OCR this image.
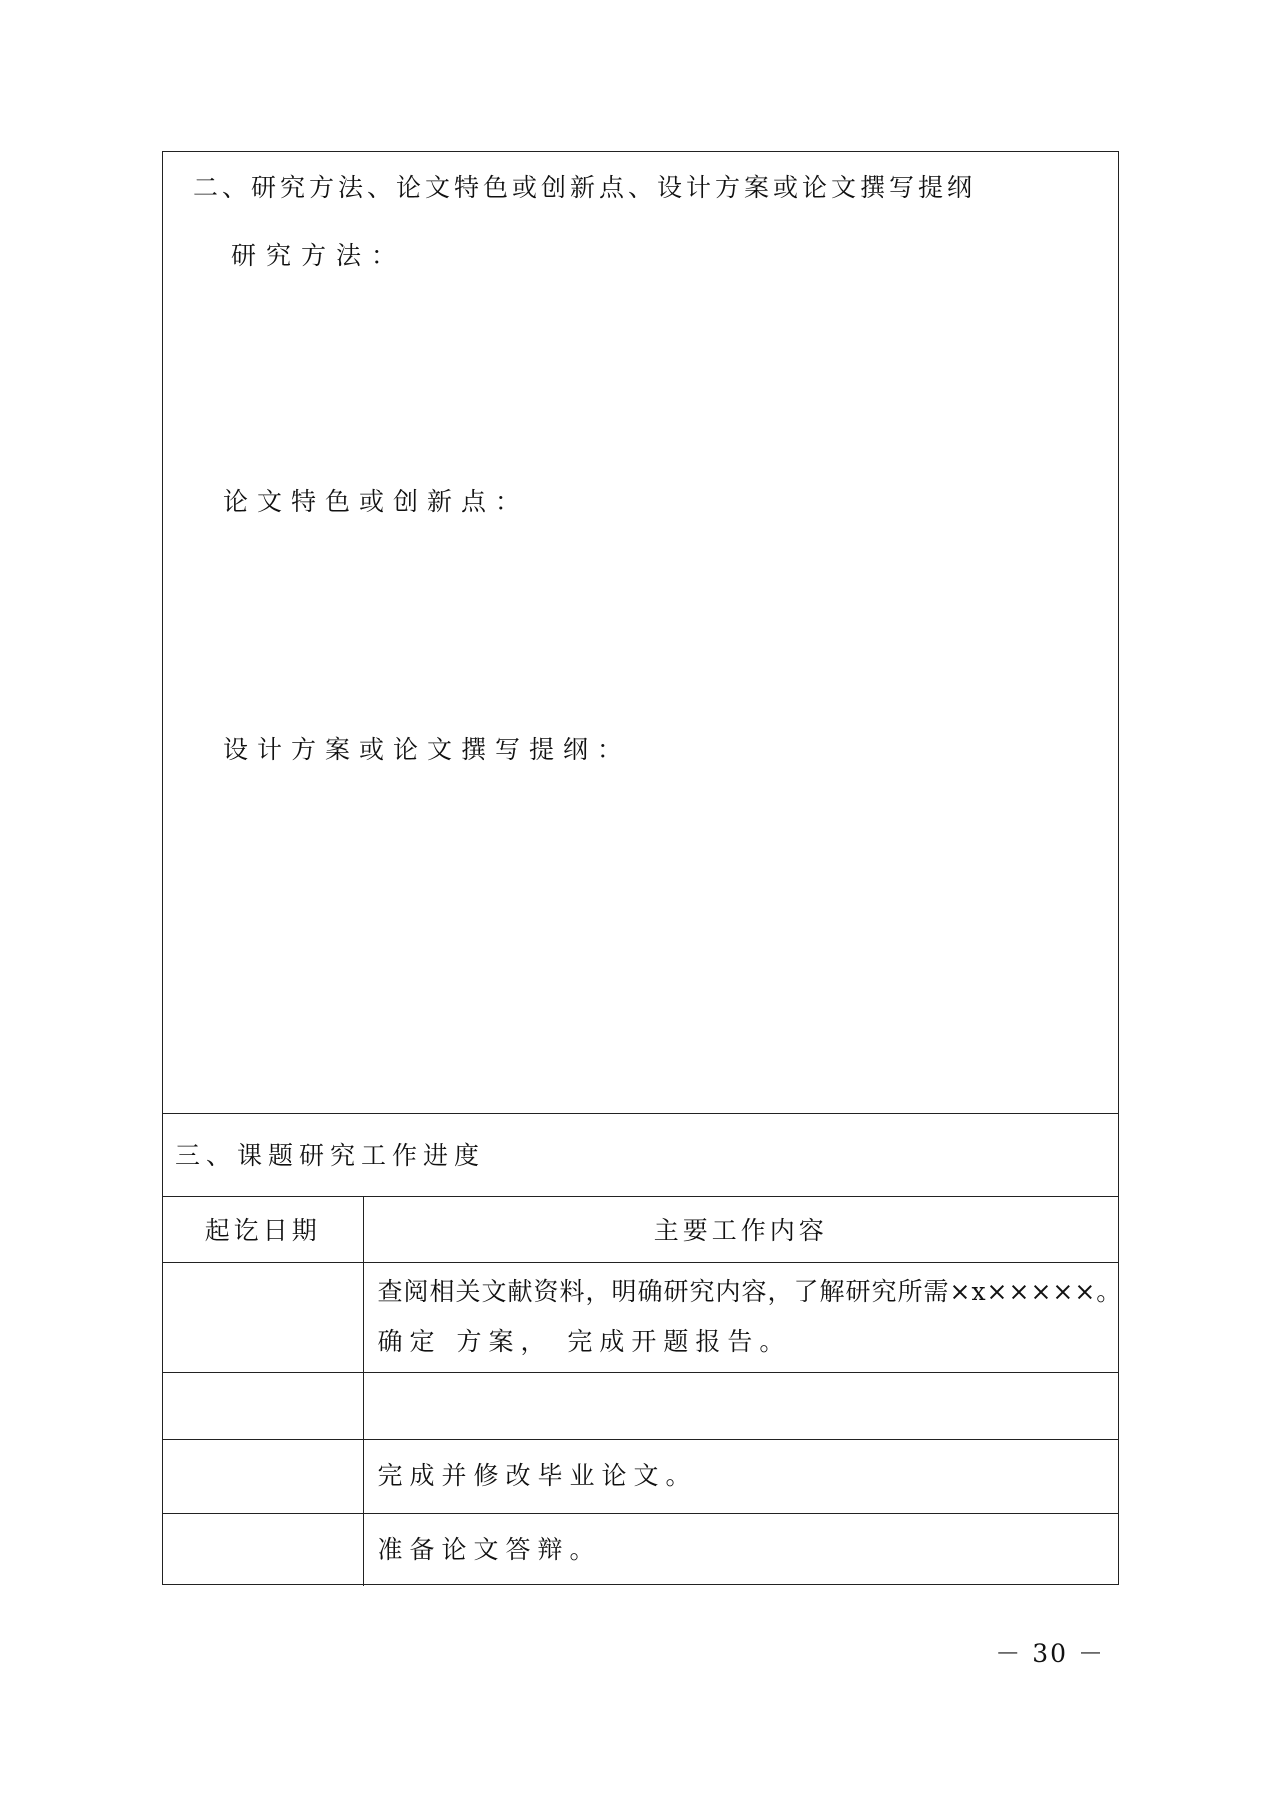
二、研究方法、论文特色或创新点、设计方案或论文撰写提纲
研究方法：
论文特色或创新点：
设计方案或论文撰写提纲：
三、课题研究工作进度
起讫日期	主要工作内容

	查阅相关文献资料，明确研究内容，了解研究所需×x×××××。
确定 方案， 完成开题报告。

	完成并修改毕业论文。

	准备论文答辩。
－ 30 －
